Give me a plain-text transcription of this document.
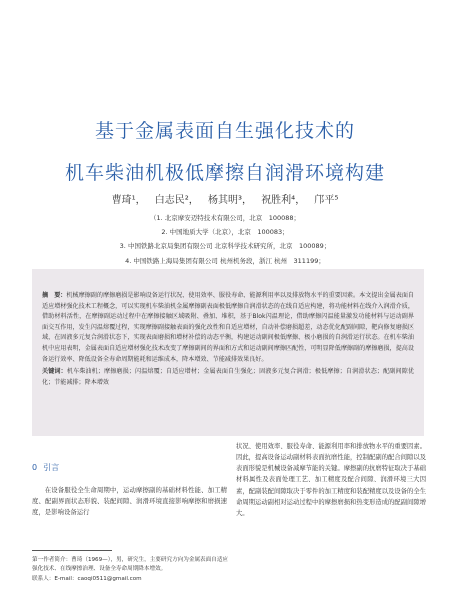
基于金属表面自生强化技术的
机车柴油机极低摩擦自润滑环境构建
曹琦¹， 白志民²， 杨其明³， 祝胜利⁴， 邝平⁵
（1. 北京摩安迈特技术有限公司，北京　100088；
2. 中国地质大学（北京），北京　100083；
3. 中国铁路北京局集团有限公司 北京科学技术研究所，北京　100089；
4. 中国铁路上海局集团有限公司 杭州机务段，浙江 杭州　311199；

摘　要：机械摩擦副的摩擦磨损是影响设备运行状况、使用效率、服役寿命、能源利用率以及排放物水平的重要因素。本文提出金属表面自适应增材强化技术工程概念，可以实现机车柴油机金属摩擦副表面极低摩擦自润滑状态的在线自适应构建，将功能材料在线介入润滑介质，借助材料活性，在摩擦副运动过程中在摩擦接触区域吸附、叠加、堆积，基于Blok闪温理论，借助摩擦闪温能量激发功能材料与运动副界面交互作用，发生闪温熔覆过程，实现摩擦副接触表面的强化改性和自适应增材，自动补偿磨损超差，动态优化配副间隙，靶向修复磨损区域，在固液多元复合润滑状态下，实现表面磨损和增材补偿的动态平衡，构建运动副间极低摩擦、极小磨损的自润滑运行状态。在机车柴油机中应用表明，金属表面自适应增材强化技术改变了摩擦副间的界面和方式和运动副间摩擦匹配性，可明显降低摩擦副的摩擦磨损，提高设备运行效率、降低设备全寿命周期能耗和运维成本，降本增效、节能减排效果良好。

关键词：机车柴油机；摩擦磨损；闪温熔覆；自适应增材；金属表面自生强化；固液多元复合润滑；极低摩擦；自润滑状态；配副间隙优化；节能减排；降本增效

0 引言

在设备服役全生命周期中，运动摩擦副的基础材料性能、加工精度、配副界面状态形貌、装配间隙、润滑环境直接影响摩擦和磨损速度，是影响设备运行

第一作者简介：曹琦（1969—），男，研究生，主要研究方向为金属表面自适应强化技术、在线摩擦治理、设备全寿命周期降本增效。

联系人：E-mail：caoqi0511@gmail.com

状况、使用效率、服役寿命、能源利用率和排放物水平的重要因素。因此，提高设备运动副材料表面抗磨性能，控制配副的配合间隙以及表面形貌是机械设备减摩节能的关键。摩擦副的抗磨特征取决于基础材料属性及表面处理工艺、加工精度及配合间隙、润滑环境三大因素，配副装配间隙取决于零件的加工精度和装配精度以及设备的全生命周期运动副相对运动过程中的摩擦磨损和热变形造成的配副间隙增大。
